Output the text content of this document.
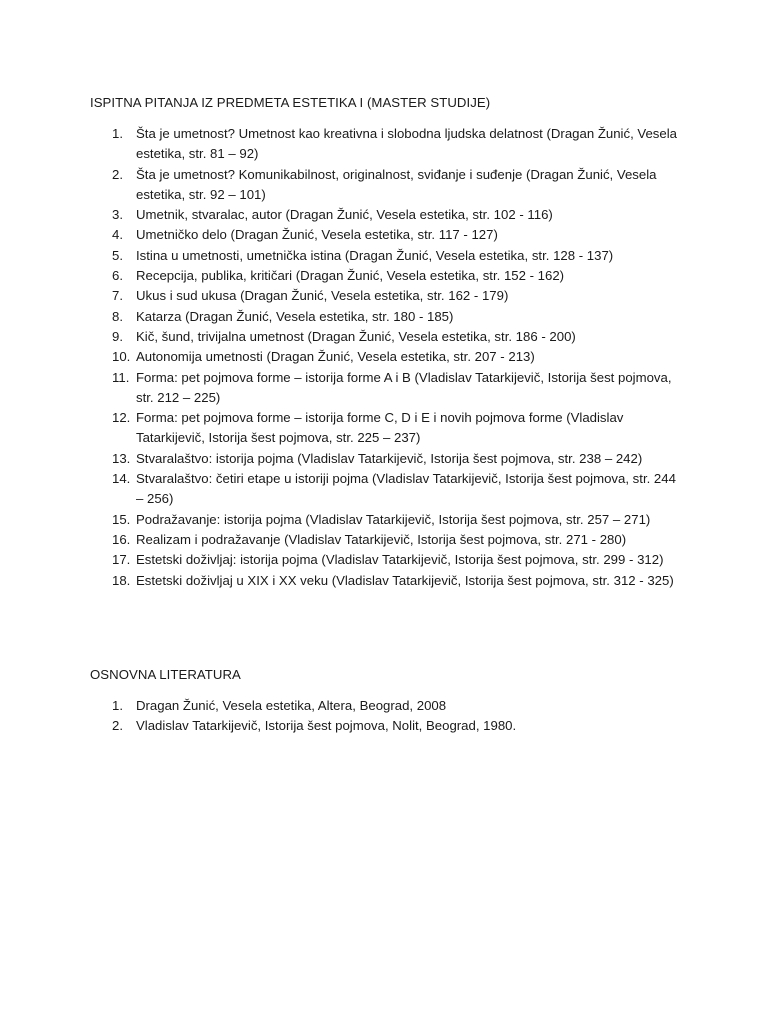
ISPITNA PITANJA IZ PREDMETA ESTETIKA I (MASTER STUDIJE)
1. Šta je umetnost? Umetnost kao kreativna i slobodna ljudska delatnost (Dragan Žunić, Vesela estetika, str. 81 – 92)
2. Šta je umetnost? Komunikabilnost, originalnost, sviđanje i suđenje (Dragan Žunić, Vesela estetika, str. 92 – 101)
3. Umetnik, stvaralac, autor (Dragan Žunić, Vesela estetika, str. 102 - 116)
4. Umetničko delo (Dragan Žunić, Vesela estetika, str. 117 - 127)
5. Istina u umetnosti, umetnička istina (Dragan Žunić, Vesela estetika, str. 128 - 137)
6. Recepcija, publika, kritičari (Dragan Žunić, Vesela estetika, str. 152 - 162)
7. Ukus i sud ukusa (Dragan Žunić, Vesela estetika, str. 162 - 179)
8. Katarza (Dragan Žunić, Vesela estetika, str. 180 - 185)
9. Kič, šund, trivijalna umetnost (Dragan Žunić, Vesela estetika, str. 186 - 200)
10. Autonomija umetnosti (Dragan Žunić, Vesela estetika, str. 207 - 213)
11. Forma: pet pojmova forme – istorija forme A i B (Vladislav Tatarkijevič, Istorija šest pojmova, str. 212 – 225)
12. Forma: pet pojmova forme – istorija forme C, D i E i novih pojmova forme (Vladislav Tatarkijevič, Istorija šest pojmova, str. 225 – 237)
13. Stvaralaštvo: istorija pojma (Vladislav Tatarkijevič, Istorija šest pojmova, str. 238 – 242)
14. Stvaralaštvo: četiri etape u istoriji pojma (Vladislav Tatarkijevič, Istorija šest pojmova, str. 244 – 256)
15. Podražavanje: istorija pojma (Vladislav Tatarkijevič, Istorija šest pojmova, str. 257 – 271)
16. Realizam i podražavanje (Vladislav Tatarkijevič, Istorija šest pojmova, str. 271 - 280)
17. Estetski doživljaj: istorija pojma (Vladislav Tatarkijevič, Istorija šest pojmova, str. 299 - 312)
18. Estetski doživljaj u XIX i XX veku (Vladislav Tatarkijevič, Istorija šest pojmova, str. 312 - 325)
OSNOVNA LITERATURA
1. Dragan Žunić, Vesela estetika, Altera, Beograd, 2008
2. Vladislav Tatarkijevič, Istorija šest pojmova, Nolit, Beograd, 1980.
